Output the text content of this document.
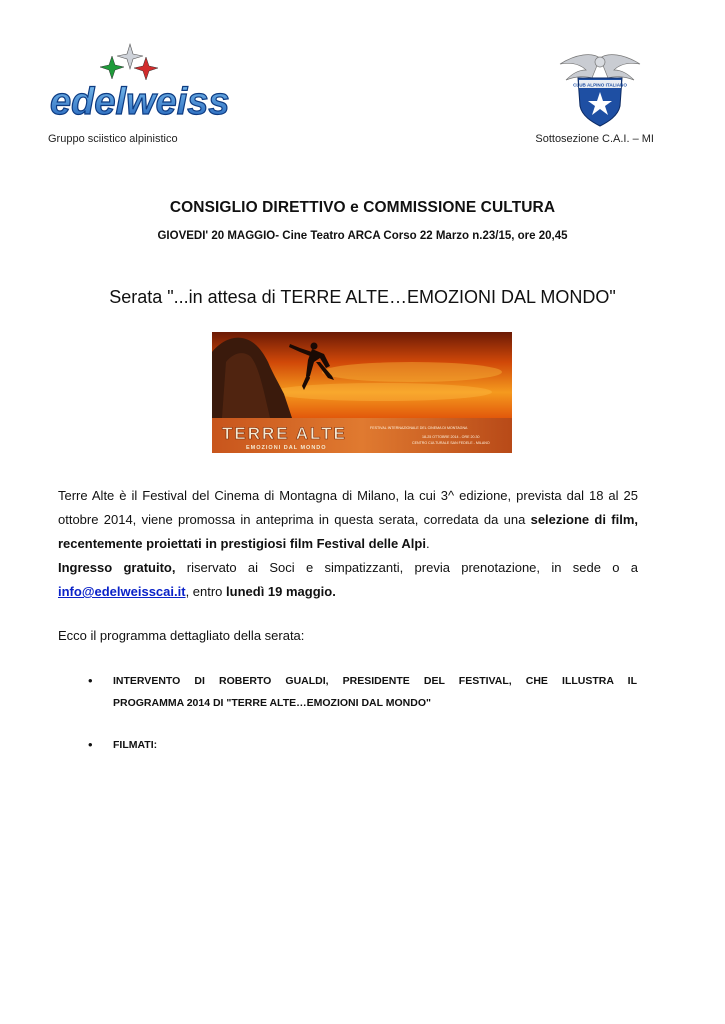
edelweiss	CLUB ALPINO ITALIANO
Gruppo sciistico alpinistico	Sottosezione C.A.I. – MI
CONSIGLIO DIRETTIVO e COMMISSIONE CULTURA
GIOVEDI' 20 MAGGIO- Cine Teatro ARCA Corso 22 Marzo n.23/15, ore 20,45
Serata "...in attesa di TERRE ALTE…EMOZIONI DAL MONDO"
TERRE ALTE
EMOZIONI DAL MONDO
FESTIVAL INTERNAZIONALE DEL CINEMA DI MONTAGNA
18-25 OTTOBRE 2014 - ORE 20.30
CENTRO CULTURALE SAN FEDELE - MILANO
Terre Alte è il Festival del Cinema di Montagna di Milano, la cui 3^ edizione, prevista dal 18 al 25
ottobre 2014, viene promossa in anteprima in questa serata, corredata da una selezione di film,
recentemente proiettati in prestigiosi film Festival delle Alpi.
Ingresso gratuito, riservato ai Soci e simpatizzanti, previa prenotazione, in sede o a
info@edelweisscai.it, entro lunedì 19 maggio.
Ecco il programma dettagliato della serata:
• INTERVENTO DI ROBERTO GUALDI, PRESIDENTE DEL FESTIVAL, CHE ILLUSTRA IL
PROGRAMMA 2014 DI "TERRE ALTE…EMOZIONI DAL MONDO"
• FILMATI:
